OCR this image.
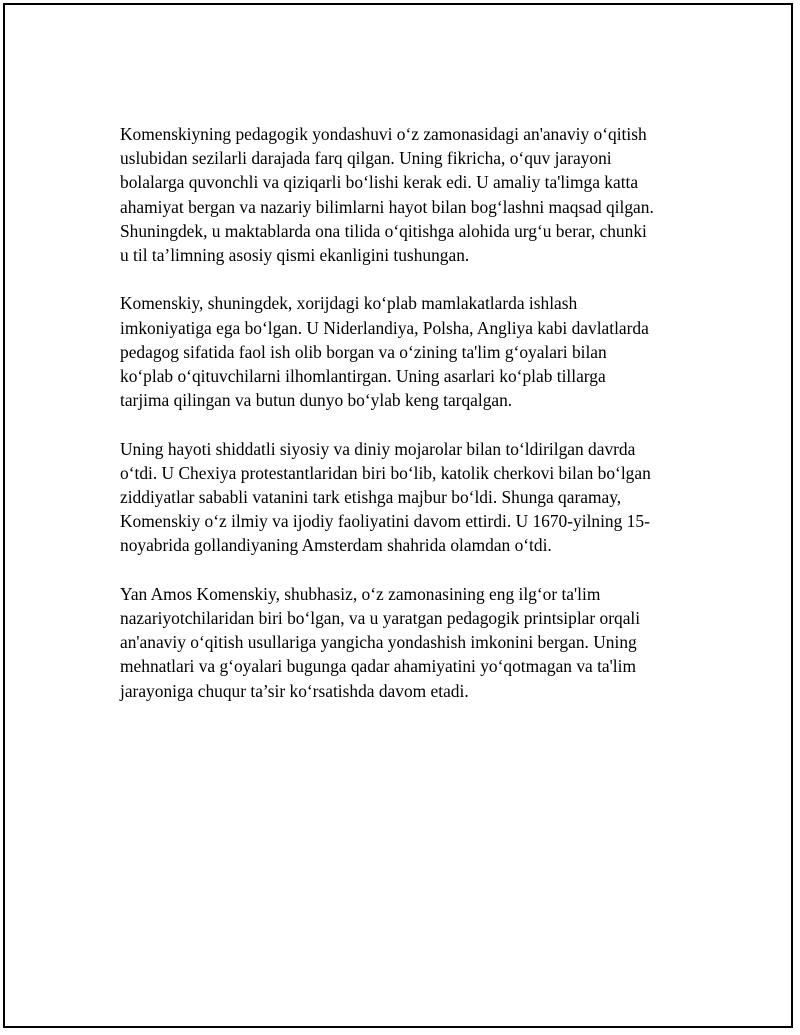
Komenskiyning pedagogik yondashuvi o‘z zamonasidagi an'anaviy o‘qitish
uslubidan sezilarli darajada farq qilgan. Uning fikricha, o‘quv jarayoni
bolalarga quvonchli va qiziqarli bo‘lishi kerak edi. U amaliy ta'limga katta
ahamiyat bergan va nazariy bilimlarni hayot bilan bog‘lashni maqsad qilgan.
Shuningdek, u maktablarda ona tilida o‘qitishga alohida urg‘u berar, chunki
u til ta’limning asosiy qismi ekanligini tushungan.

Komenskiy, shuningdek, xorijdagi ko‘plab mamlakatlarda ishlash
imkoniyatiga ega bo‘lgan. U Niderlandiya, Polsha, Angliya kabi davlatlarda
pedagog sifatida faol ish olib borgan va o‘zining ta'lim g‘oyalari bilan
ko‘plab o‘qituvchilarni ilhomlantirgan. Uning asarlari ko‘plab tillarga
tarjima qilingan va butun dunyo bo‘ylab keng tarqalgan.

Uning hayoti shiddatli siyosiy va diniy mojarolar bilan to‘ldirilgan davrda
o‘tdi. U Chexiya protestantlaridan biri bo‘lib, katolik cherkovi bilan bo‘lgan
ziddiyatlar sababli vatanini tark etishga majbur bo‘ldi. Shunga qaramay,
Komenskiy o‘z ilmiy va ijodiy faoliyatini davom ettirdi. U 1670-yilning 15-
noyabrida gollandiyaning Amsterdam shahrida olamdan o‘tdi.

Yan Amos Komenskiy, shubhasiz, o‘z zamonasining eng ilg‘or ta'lim
nazariyotchilaridan biri bo‘lgan, va u yaratgan pedagogik printsiplar orqali
an'anaviy o‘qitish usullariga yangicha yondashish imkonini bergan. Uning
mehnatlari va g‘oyalari bugunga qadar ahamiyatini yo‘qotmagan va ta'lim
jarayoniga chuqur ta’sir ko‘rsatishda davom etadi.
